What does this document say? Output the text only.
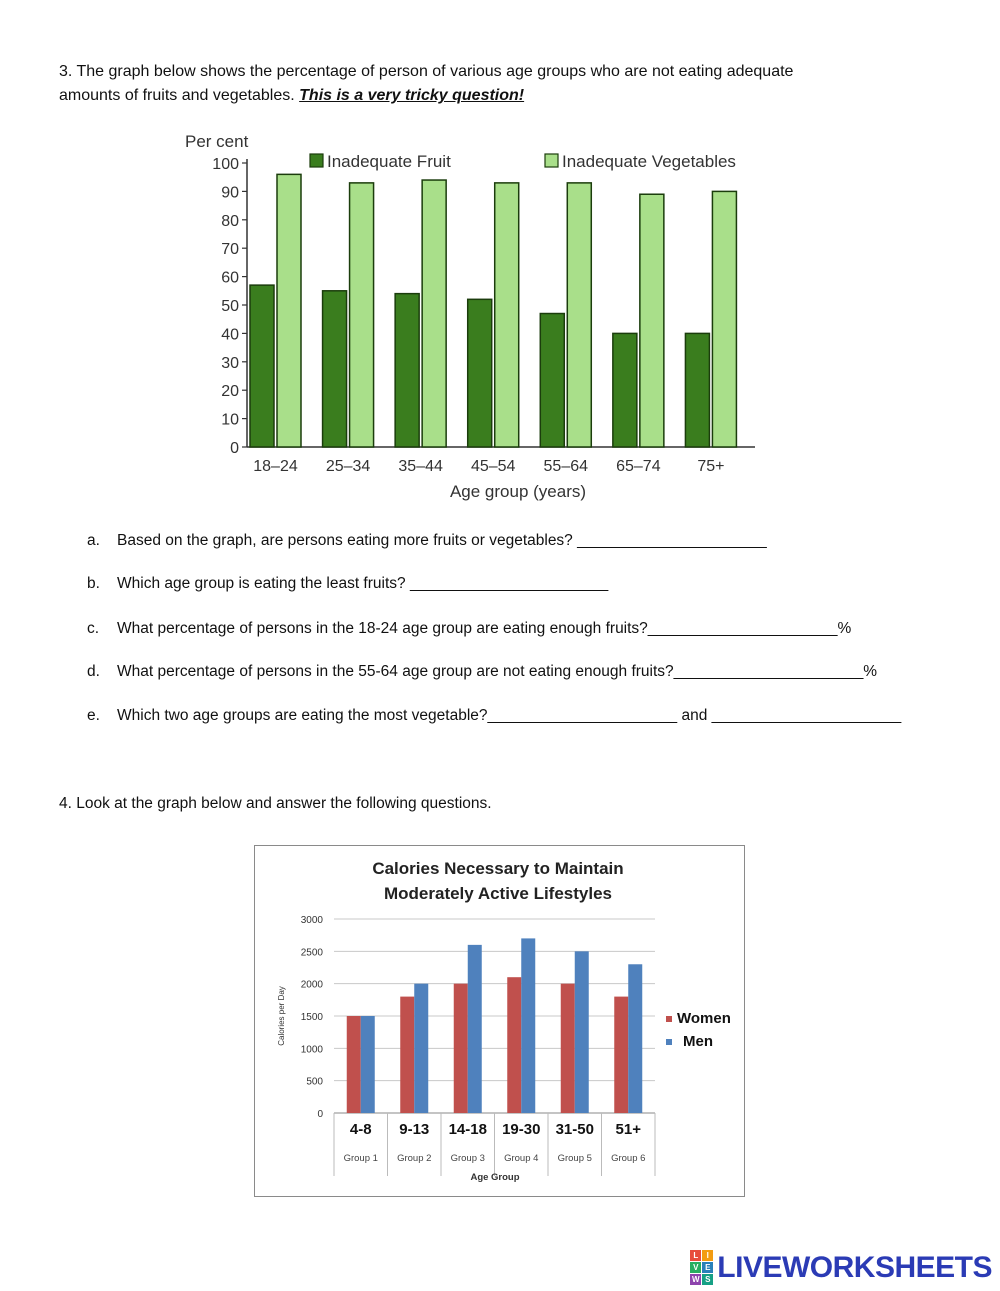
3. The graph below shows the percentage of person of various age groups who are not eating adequate
amounts of fruits and vegetables. This is a very tricky question!
Per cent
0
10
20
30
40
50
60
70
80
90
100
18–24 25–34 35–44 45–54 55–64 65–74 75+
Age group (years)
Inadequate Fruit	Inadequate Vegetables
a. Based on the graph, are persons eating more fruits or vegetables? ______________________
b. Which age group is eating the least fruits? _______________________
c. What percentage of persons in the 18-24 age group are eating enough fruits?______________________%
d. What percentage of persons in the 55-64 age group are not eating enough fruits?______________________%
e. Which two age groups are eating the most vegetable?______________________ and ______________________
4. Look at the graph below and answer the following questions.
Calories Necessary to Maintain
Moderately Active Lifestyles
0
500
1000
1500
2000
2500
3000
Calories per Day
4-8
Group 1
9-13
Group 2
14-18
Group 3
19-30
Group 4
31-50
Group 5
51+
Group 6
Age Group
Women
Men
L	I
V E
W S LIVEWORKSHEETS
